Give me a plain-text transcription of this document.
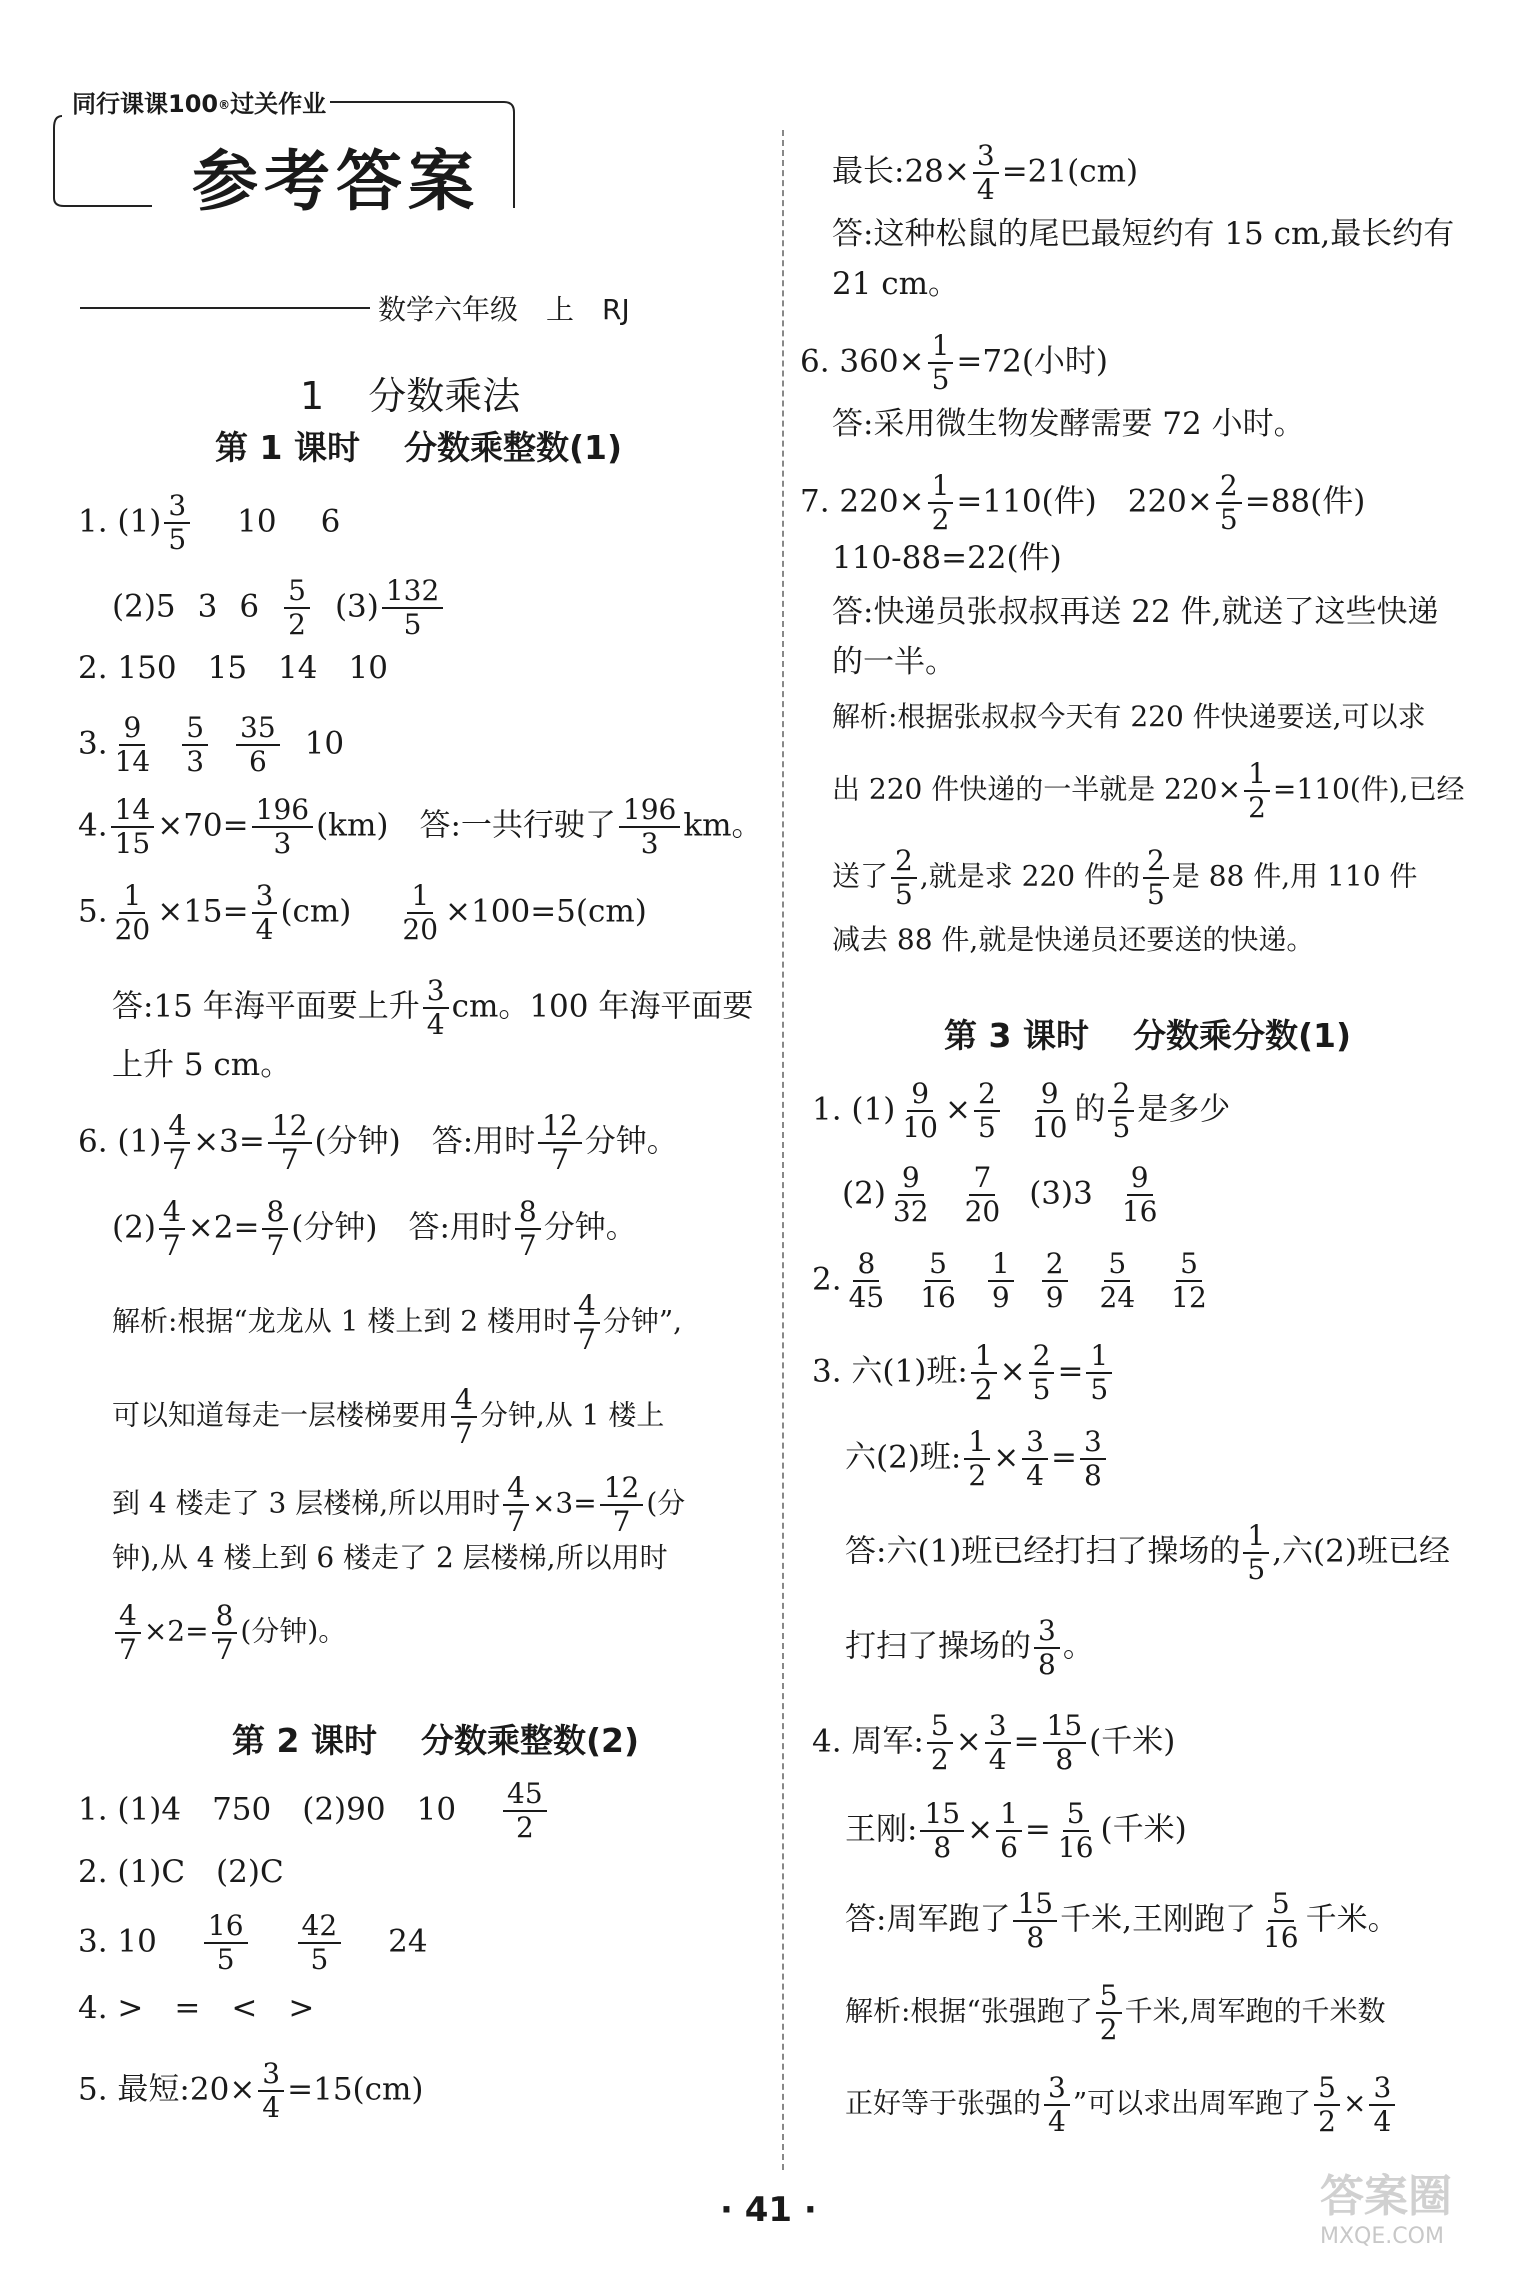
同行课课100®过关作业
参考答案
数学六年级　上　RJ
1 分数乘法
第 1 课时 分数乘整数(1)
1. $(1) \frac{3}{5} 10$ 6
(2)5 3 $6 \frac{5}{2} (3) \frac{132}{5}$
2. 150　15　14　10
3. $\frac{9}{14} \frac{5}{3} \frac{35}{6} 10$
4. $\frac{14}{15} \times 70= \frac{196}{3} (km)$　答:一共行驶了 $\frac{196}{3}$ km。
5. $\frac{1}{20} \times 15= \frac{3}{4} (cm) \frac{1}{20} \times 100=5(cm)$
答:15 年海平面要上升 $\frac{3}{4}$ cm。100 年海平面要
上升 5 cm。
6. $(1) \frac{4}{7} \times 3= \frac{12}{7}$ (分钟)　答:用时 $\frac{12}{7}$ 分钟。
$(2) \frac{4}{7} \times 2= \frac{8}{7}$ (分钟)　答:用时 $\frac{8}{7}$ 分钟。
解析:根据“龙龙从 1 楼上到 2 楼用时 $\frac{4}{7}$ 分钟”,
可以知道每走一层楼梯要用 $\frac{4}{7}$ 分钟,从 1 楼上
到 4 楼走了 3 层楼梯,所以用时 $\frac{4}{7} \times 3= \frac{12}{7}$ (分
钟),从 4 楼上到 6 楼走了 2 层楼梯,所以用时
$\frac{4}{7} \times 2= \frac{8}{7}$ (分钟)。
第 2 课时 分数乘整数(2)
1. (1)4　750　(2)90　$10 \frac{45}{2}$
2. (1)C　(2)C
3. $10 \frac{16}{5} \frac{42}{5} 24$
4. >　=　<　>
5. 最短:20× $\frac{3}{4} =15(cm)$
最长:28× $\frac{3}{4} =21(cm)$
答:这种松鼠的尾巴最短约有 15 cm,最长约有
21 cm。
6. $360\times \frac{1}{5} =72$(小时)
答:采用微生物发酵需要 72 小时。
7. $220\times \frac{1}{2} =110$(件)　$220\times \frac{2}{5} =88$(件)
110-88=22(件)
答:快递员张叔叔再送 22 件,就送了这些快递
的一半。
解析:根据张叔叔今天有 220 件快递要送,可以求
出 220 件快递的一半就是 $220\times \frac{1}{2} =110$(件),已经
送了 $\frac{2}{5}$ ,就是求 220 件的 $\frac{2}{5}$ 是 88 件,用 110 件
减去 88 件,就是快递员还要送的快递。
第 3 课时 分数乘分数(1)
1. $(1) \frac{9}{10} \times \frac{2}{5} \frac{9}{10}$ 的 $\frac{2}{5}$ 是多少
$(2) \frac{9}{32} \frac{7}{20} (3)3 \frac{9}{16}$
2. $\frac{8}{45} \frac{5}{16} \frac{1}{9} \frac{2}{9} \frac{5}{24} \frac{5}{12}$
3. 六(1)班: $\frac{1}{2} \times \frac{2}{5} = \frac{1}{5}$
六(2)班: $\frac{1}{2} \times \frac{3}{4} = \frac{3}{8}$
答:六(1)班已经打扫了操场的 $\frac{1}{5}$ ,六(2)班已经
打扫了操场的 $\frac{3}{8}$ 。
4. 周军: $\frac{5}{2} \times \frac{3}{4} = \frac{15}{8}$ (千米)
王刚: $\frac{15}{8} \times \frac{1}{6} = \frac{5}{16}$ (千米)
答:周军跑了 $\frac{15}{8}$ 千米,王刚跑了 $\frac{5}{16}$ 千米。
解析:根据“张强跑了 $\frac{5}{2}$ 千米,周军跑的千米数
正好等于张强的 $\frac{3}{4}$ ”可以求出周军跑了 $\frac{5}{2} \times \frac{3}{4}$
· 41 ·	答案圈
MXQE.COM
